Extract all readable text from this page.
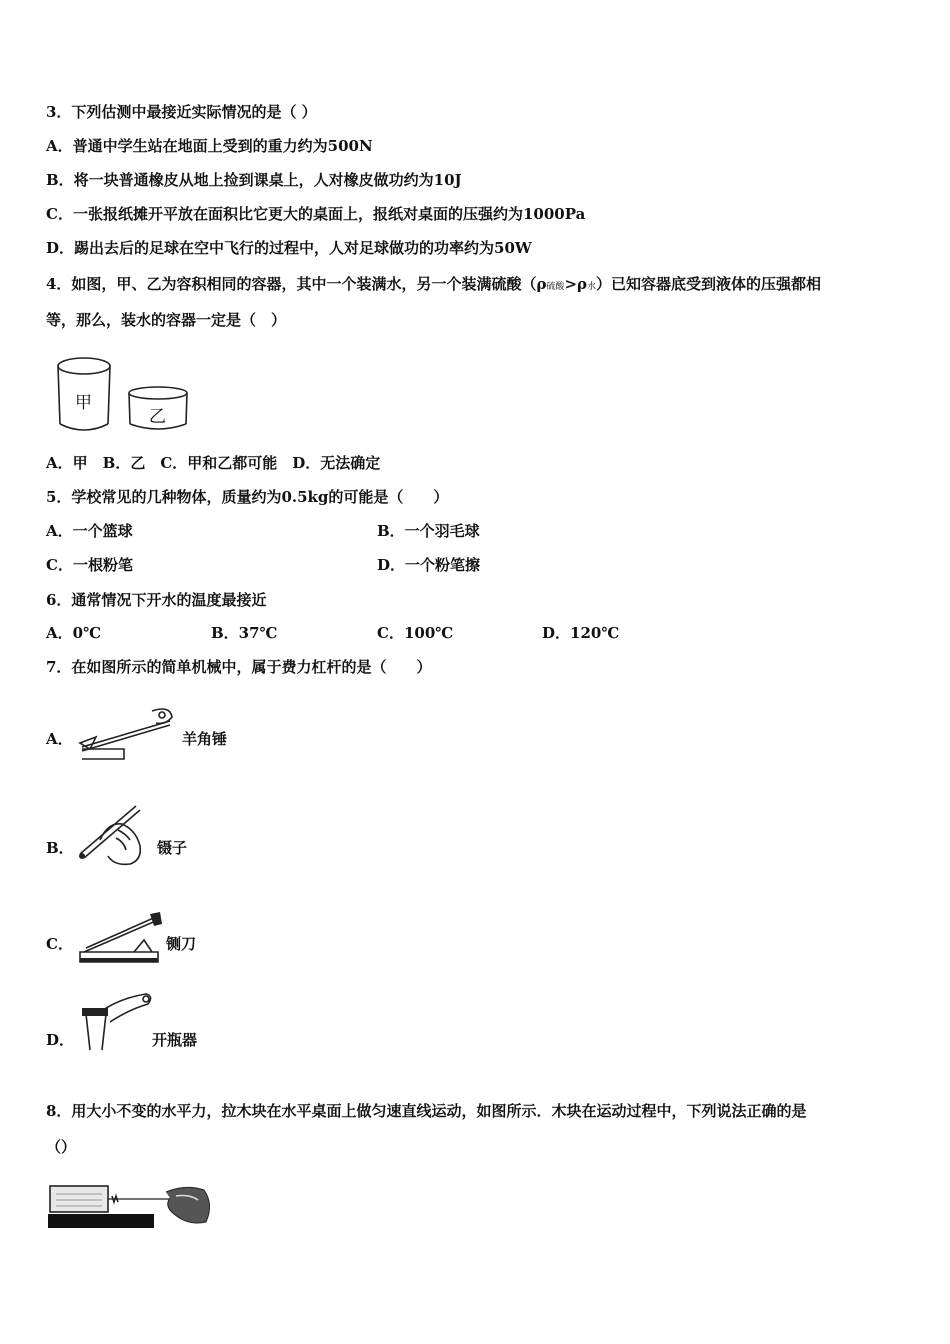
3．下列估测中最接近实际情况的是（ ）
A．普通中学生站在地面上受到的重力约为500N
B．将一块普通橡皮从地上捡到课桌上，人对橡皮做功约为10J
C．一张报纸摊开平放在面积比它更大的桌面上，报纸对桌面的压强约为1000Pa
D．踢出去后的足球在空中飞行的过程中，人对足球做功的功率约为50W
4．如图，甲、乙为容积相同的容器，其中一个装满水，另一个装满硫酸（ρ硫酸>ρ水）已知容器底受到液体的压强都相
等，那么，装水的容器一定是（　）
甲
乙
A．甲　B．乙　C．甲和乙都可能　D．无法确定
5．学校常见的几种物体，质量约为0.5kg的可能是（　　）
A．一个篮球	B．一个羽毛球
C．一根粉笔	D．一个粉笔擦
6．通常情况下开水的温度最接近
A．0℃	B．37℃	C．100℃	D．120℃
7．在如图所示的简单机械中，属于费力杠杆的是（　　）
A．	羊角锤
B．	镊子
C．	铡刀
D．	开瓶器
8．用大小不变的水平力，拉木块在水平桌面上做匀速直线运动，如图所示．木块在运动过程中，下列说法正确的是
（）
